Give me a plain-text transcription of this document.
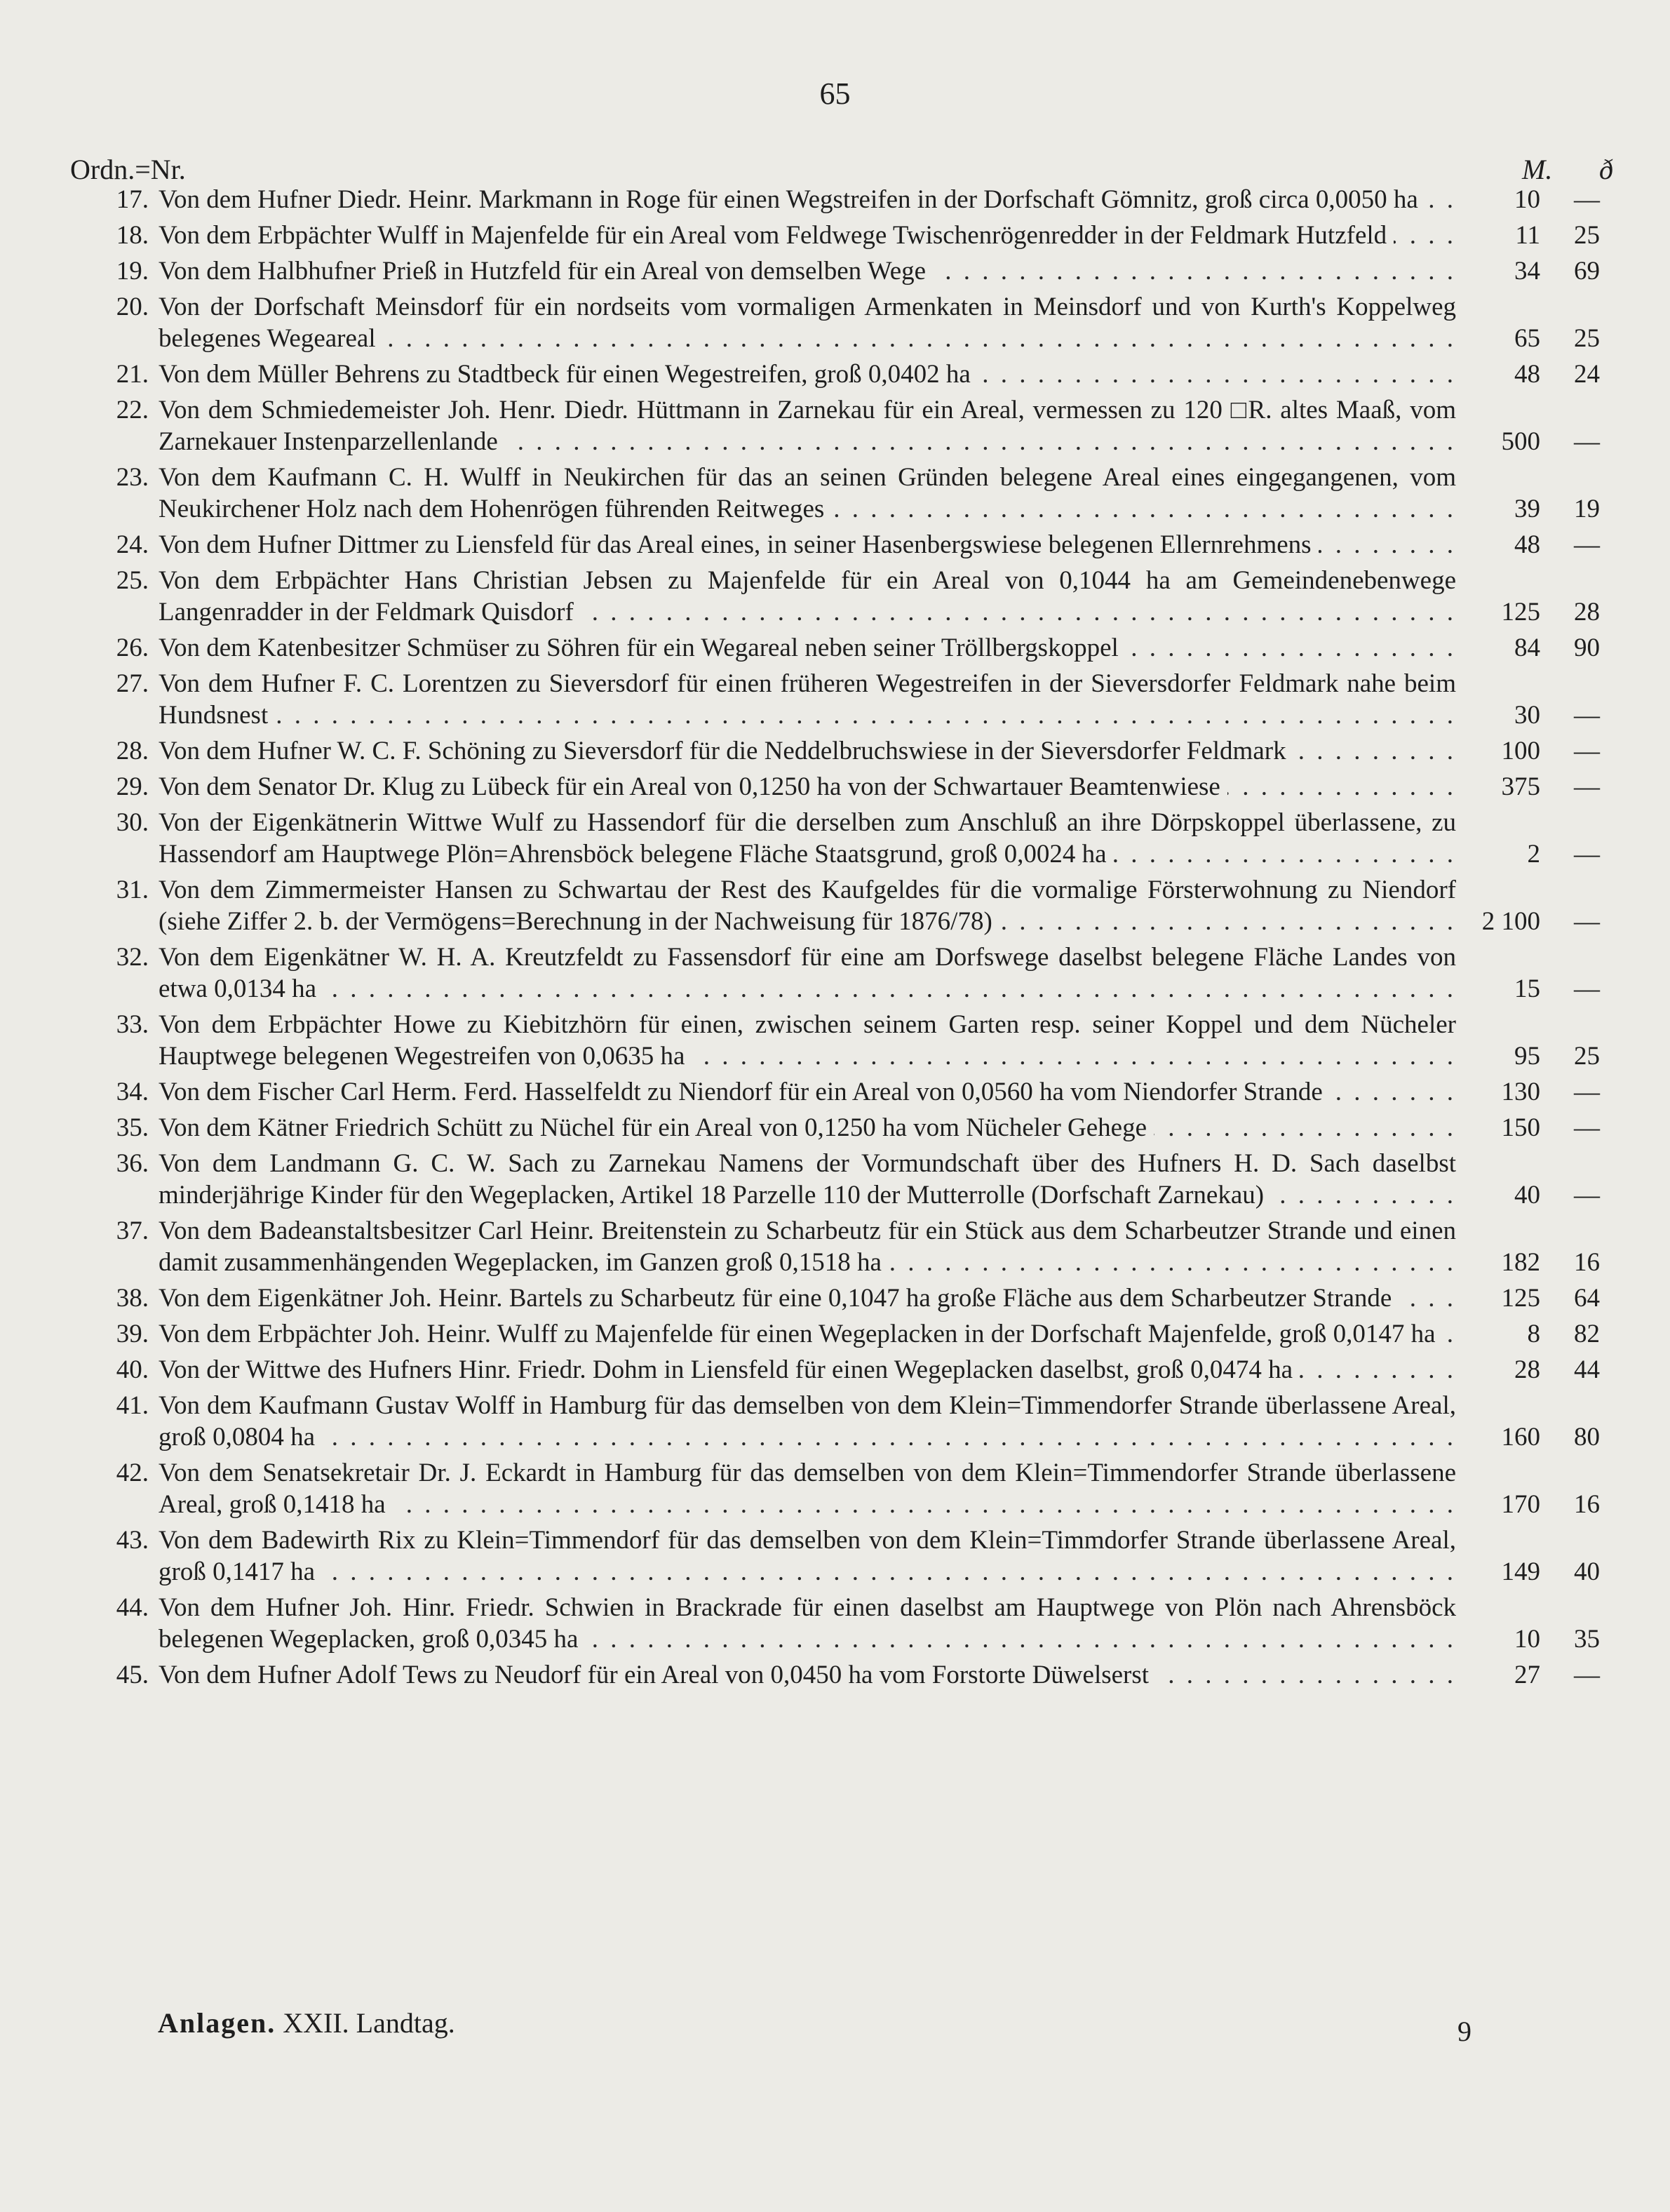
65
Ordn.=Nr.	M. ð
17. Von dem Hufner Diedr. Heinr. Markmann in Roge für einen Wegstreifen in der Dorfschaft Gömnitz, groß circa 0,0050 ha . . .	10	—
18. Von dem Erbpächter Wulff in Majenfelde für ein Areal vom Feldwege Twischenrögenredder in der Feldmark Hutzfeld . . .	11	25
19. Von dem Halbhufner Prieß in Hutzfeld für ein Areal von demselben Wege . . .	34	69
20. Von der Dorfschaft Meinsdorf für ein nordseits vom vormaligen Armenkaten in Meinsdorf und von Kurth's Koppelweg belegenes Wegeareal . . .	65	25
21. Von dem Müller Behrens zu Stadtbeck für einen Wegestreifen, groß 0,0402 ha . . .	48	24
22. Von dem Schmiedemeister Joh. Henr. Diedr. Hüttmann in Zarnekau für ein Areal, vermessen zu 120 □R. altes Maaß, vom Zarnekauer Instenparzellenlande . . .	500	—
23. Von dem Kaufmann C. H. Wulff in Neukirchen für das an seinen Gründen belegene Areal eines eingegangenen, vom Neukirchener Holz nach dem Hohenrögen führenden Reitweges . . .	39	19
24. Von dem Hufner Dittmer zu Liensfeld für das Areal eines, in seiner Hasenbergswiese belegenen Ellernrehmens . . .	48	—
25. Von dem Erbpächter Hans Christian Jebsen zu Majenfelde für ein Areal von 0,1044 ha am Gemeindenebenwege Langenradder in der Feldmark Quisdorf . . .	125	28
26. Von dem Katenbesitzer Schmüser zu Söhren für ein Wegareal neben seiner Tröllbergskoppel . . .	84	90
27. Von dem Hufner F. C. Lorentzen zu Sieversdorf für einen früheren Wegestreifen in der Sieversdorfer Feldmark nahe beim Hundsnest . . .	30	—
28. Von dem Hufner W. C. F. Schöning zu Sieversdorf für die Neddelbruchswiese in der Sieversdorfer Feldmark . . .	100	—
29. Von dem Senator Dr. Klug zu Lübeck für ein Areal von 0,1250 ha von der Schwartauer Beamtenwiese . . .	375	—
30. Von der Eigenkätnerin Wittwe Wulf zu Hassendorf für die derselben zum Anschluß an ihre Dörpskoppel überlassene, zu Hassendorf am Hauptwege Plön=Ahrensböck belegene Fläche Staatsgrund, groß 0,0024 ha . . .	2	—
31. Von dem Zimmermeister Hansen zu Schwartau der Rest des Kaufgeldes für die vormalige Försterwohnung zu Niendorf (siehe Ziffer 2. b. der Vermögens=Berechnung in der Nachweisung für 1876/78) . . .	2 100	—
32. Von dem Eigenkätner W. H. A. Kreutzfeldt zu Fassensdorf für eine am Dorfswege daselbst belegene Fläche Landes von etwa 0,0134 ha . . .	15	—
33. Von dem Erbpächter Howe zu Kiebitzhörn für einen, zwischen seinem Garten resp. seiner Koppel und dem Nücheler Hauptwege belegenen Wegestreifen von 0,0635 ha . . .	95	25
34. Von dem Fischer Carl Herm. Ferd. Hasselfeldt zu Niendorf für ein Areal von 0,0560 ha vom Niendorfer Strande . . .	130	—
35. Von dem Kätner Friedrich Schütt zu Nüchel für ein Areal von 0,1250 ha vom Nücheler Gehege . . .	150	—
36. Von dem Landmann G. C. W. Sach zu Zarnekau Namens der Vormundschaft über des Hufners H. D. Sach daselbst minderjährige Kinder für den Wegeplacken, Artikel 18 Parzelle 110 der Mutterrolle (Dorfschaft Zarnekau) . . .	40	—
37. Von dem Badeanstaltsbesitzer Carl Heinr. Breitenstein zu Scharbeutz für ein Stück aus dem Scharbeutzer Strande und einen damit zusammenhängenden Wegeplacken, im Ganzen groß 0,1518 ha . . .	182	16
38. Von dem Eigenkätner Joh. Heinr. Bartels zu Scharbeutz für eine 0,1047 ha große Fläche aus dem Scharbeutzer Strande . . .	125	64
39. Von dem Erbpächter Joh. Heinr. Wulff zu Majenfelde für einen Wegeplacken in der Dorfschaft Majenfelde, groß 0,0147 ha . . .	8	82
40. Von der Wittwe des Hufners Hinr. Friedr. Dohm in Liensfeld für einen Wegeplacken daselbst, groß 0,0474 ha . . .	28	44
41. Von dem Kaufmann Gustav Wolff in Hamburg für das demselben von dem Klein=Timmendorfer Strande überlassene Areal, groß 0,0804 ha . . .	160	80
42. Von dem Senatsekretair Dr. J. Eckardt in Hamburg für das demselben von dem Klein=Timmendorfer Strande überlassene Areal, groß 0,1418 ha . . .	170	16
43. Von dem Badewirth Rix zu Klein=Timmendorf für das demselben von dem Klein=Timmdorfer Strande überlassene Areal, groß 0,1417 ha . . .	149	40
44. Von dem Hufner Joh. Hinr. Friedr. Schwien in Brackrade für einen daselbst am Hauptwege von Plön nach Ahrensböck belegenen Wegeplacken, groß 0,0345 ha . . .	10	35
45. Von dem Hufner Adolf Tews zu Neudorf für ein Areal von 0,0450 ha vom Forstorte Düwelserst . . .	27	—
Anlagen. XXII. Landtag.	9
